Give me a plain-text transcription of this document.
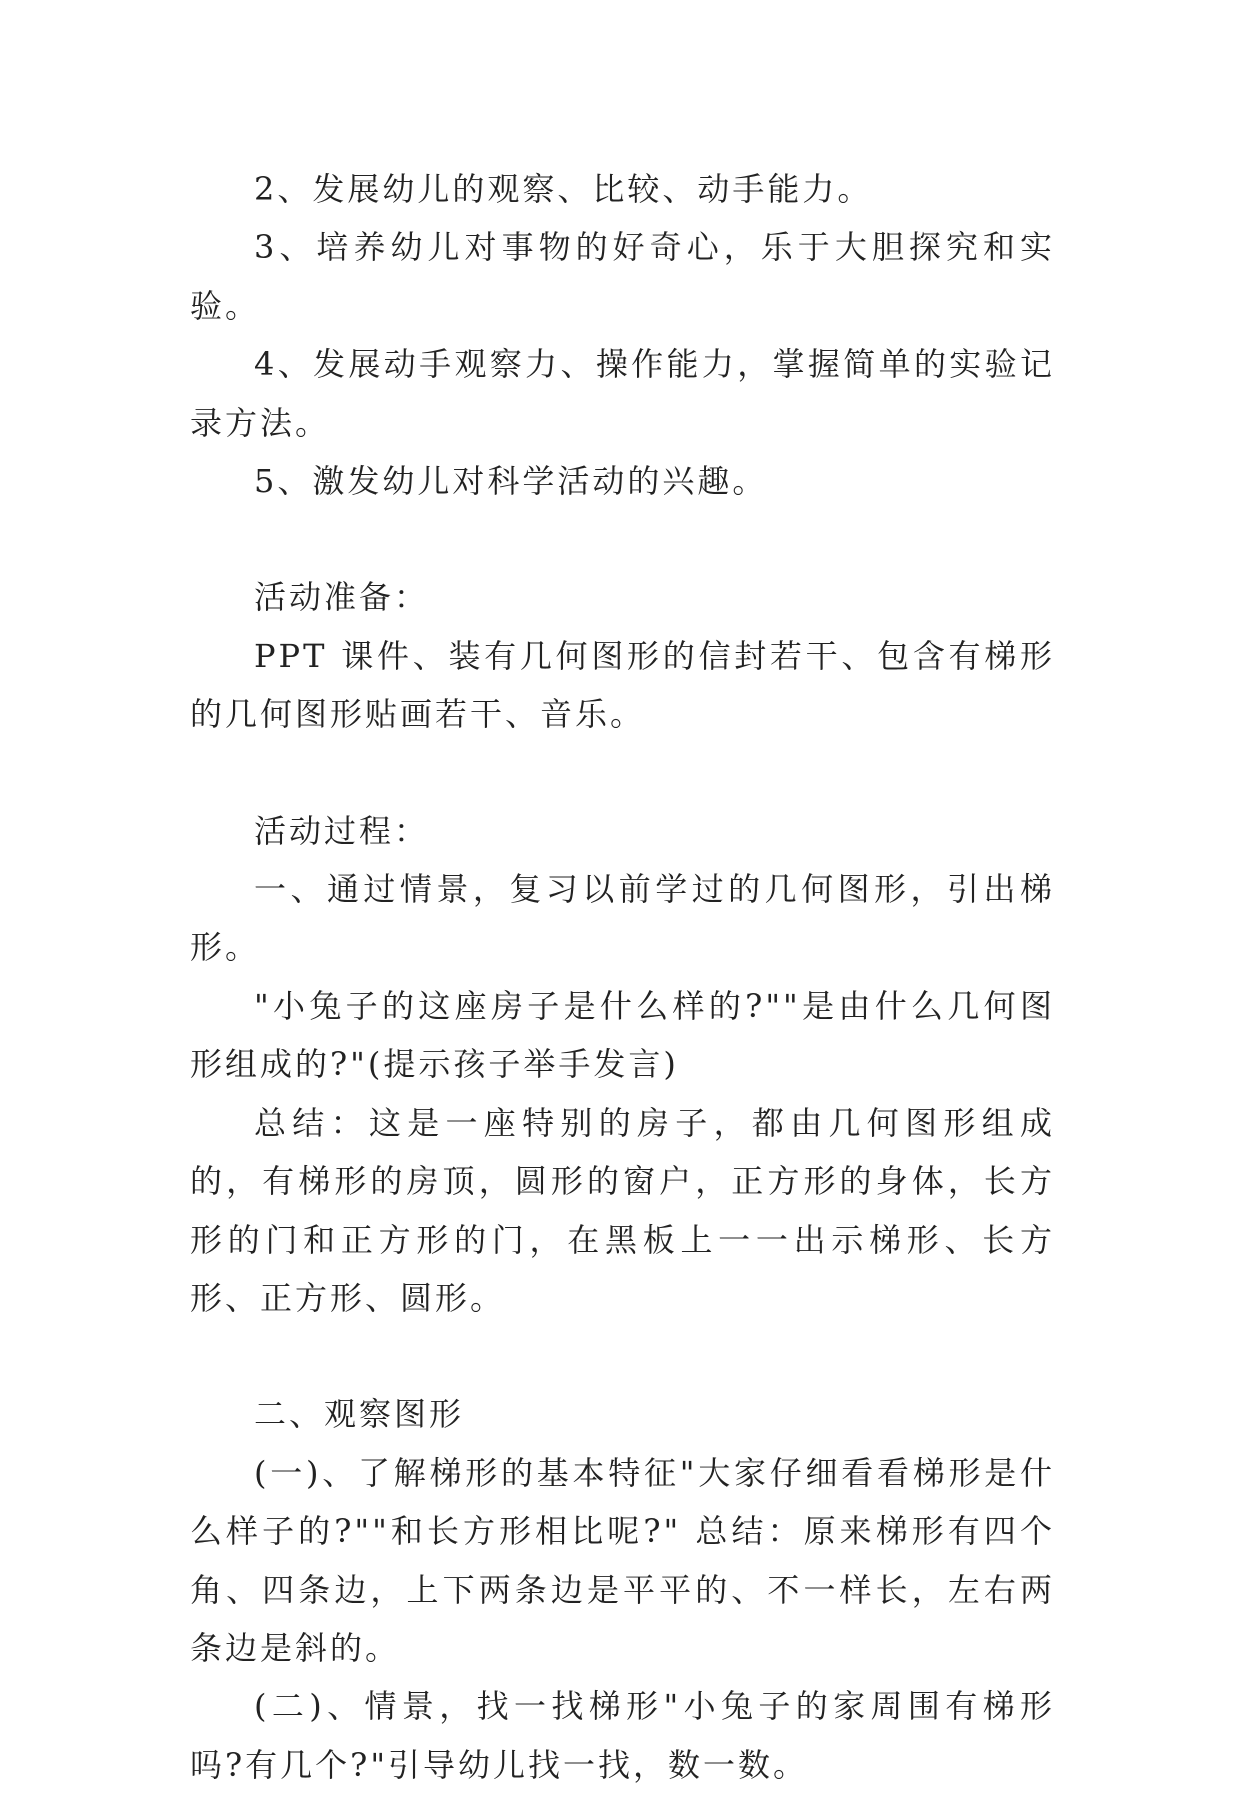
2、发展幼儿的观察、比较、动手能力。

3、培养幼儿对事物的好奇心，乐于大胆探究和实验。

4、发展动手观察力、操作能力，掌握简单的实验记录方法。

5、激发幼儿对科学活动的兴趣。

活动准备：

PPT 课件、装有几何图形的信封若干、包含有梯形的几何图形贴画若干、音乐。

活动过程：

一、通过情景，复习以前学过的几何图形，引出梯形。

"小兔子的这座房子是什么样的?""是由什么几何图形组成的?"(提示孩子举手发言)

总结：这是一座特别的房子，都由几何图形组成的，有梯形的房顶，圆形的窗户，正方形的身体，长方形的门和正方形的门，在黑板上一一出示梯形、长方形、正方形、圆形。

二、观察图形

(一)、了解梯形的基本特征"大家仔细看看梯形是什么样子的?""和长方形相比呢?" 总结：原来梯形有四个角、四条边，上下两条边是平平的、不一样长，左右两条边是斜的。

(二)、情景，找一找梯形"小兔子的家周围有梯形吗?有几个?"引导幼儿找一找，数一数。
